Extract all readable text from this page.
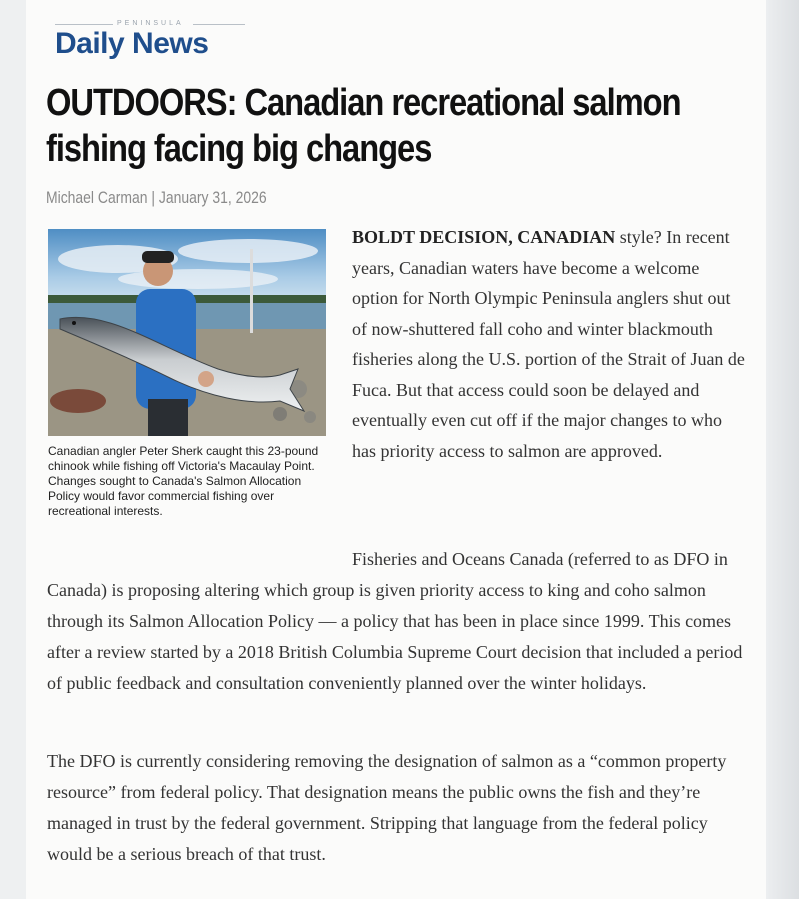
PENINSULA
Daily News
OUTDOORS: Canadian recreational salmon fishing facing big changes
Michael Carman | January 31, 2026

Canadian angler Peter Sherk caught this 23-pound chinook while fishing off Victoria's Macaulay Point. Changes sought to Canada's Salmon Allocation Policy would favor commercial fishing over recreational interests.

BOLDT DECISION, CANADIAN style? In recent years, Canadian waters have become a welcome option for North Olympic Peninsula anglers shut out of now-shuttered fall coho and winter blackmouth fisheries along the U.S. portion of the Strait of Juan de Fuca. But that access could soon be delayed and eventually even cut off if the major changes to who has priority access to salmon are approved.

Fisheries and Oceans Canada (referred to as DFO in Canada) is proposing altering which group is given priority access to king and coho salmon through its Salmon Allocation Policy — a policy that has been in place since 1999. This comes after a review started by a 2018 British Columbia Supreme Court decision that included a period of public feedback and consultation conveniently planned over the winter holidays.

The DFO is currently considering removing the designation of salmon as a “common property resource” from federal policy. That designation means the public owns the fish and they’re managed in trust by the federal government. Stripping that language from the federal policy would be a serious breach of that trust.
